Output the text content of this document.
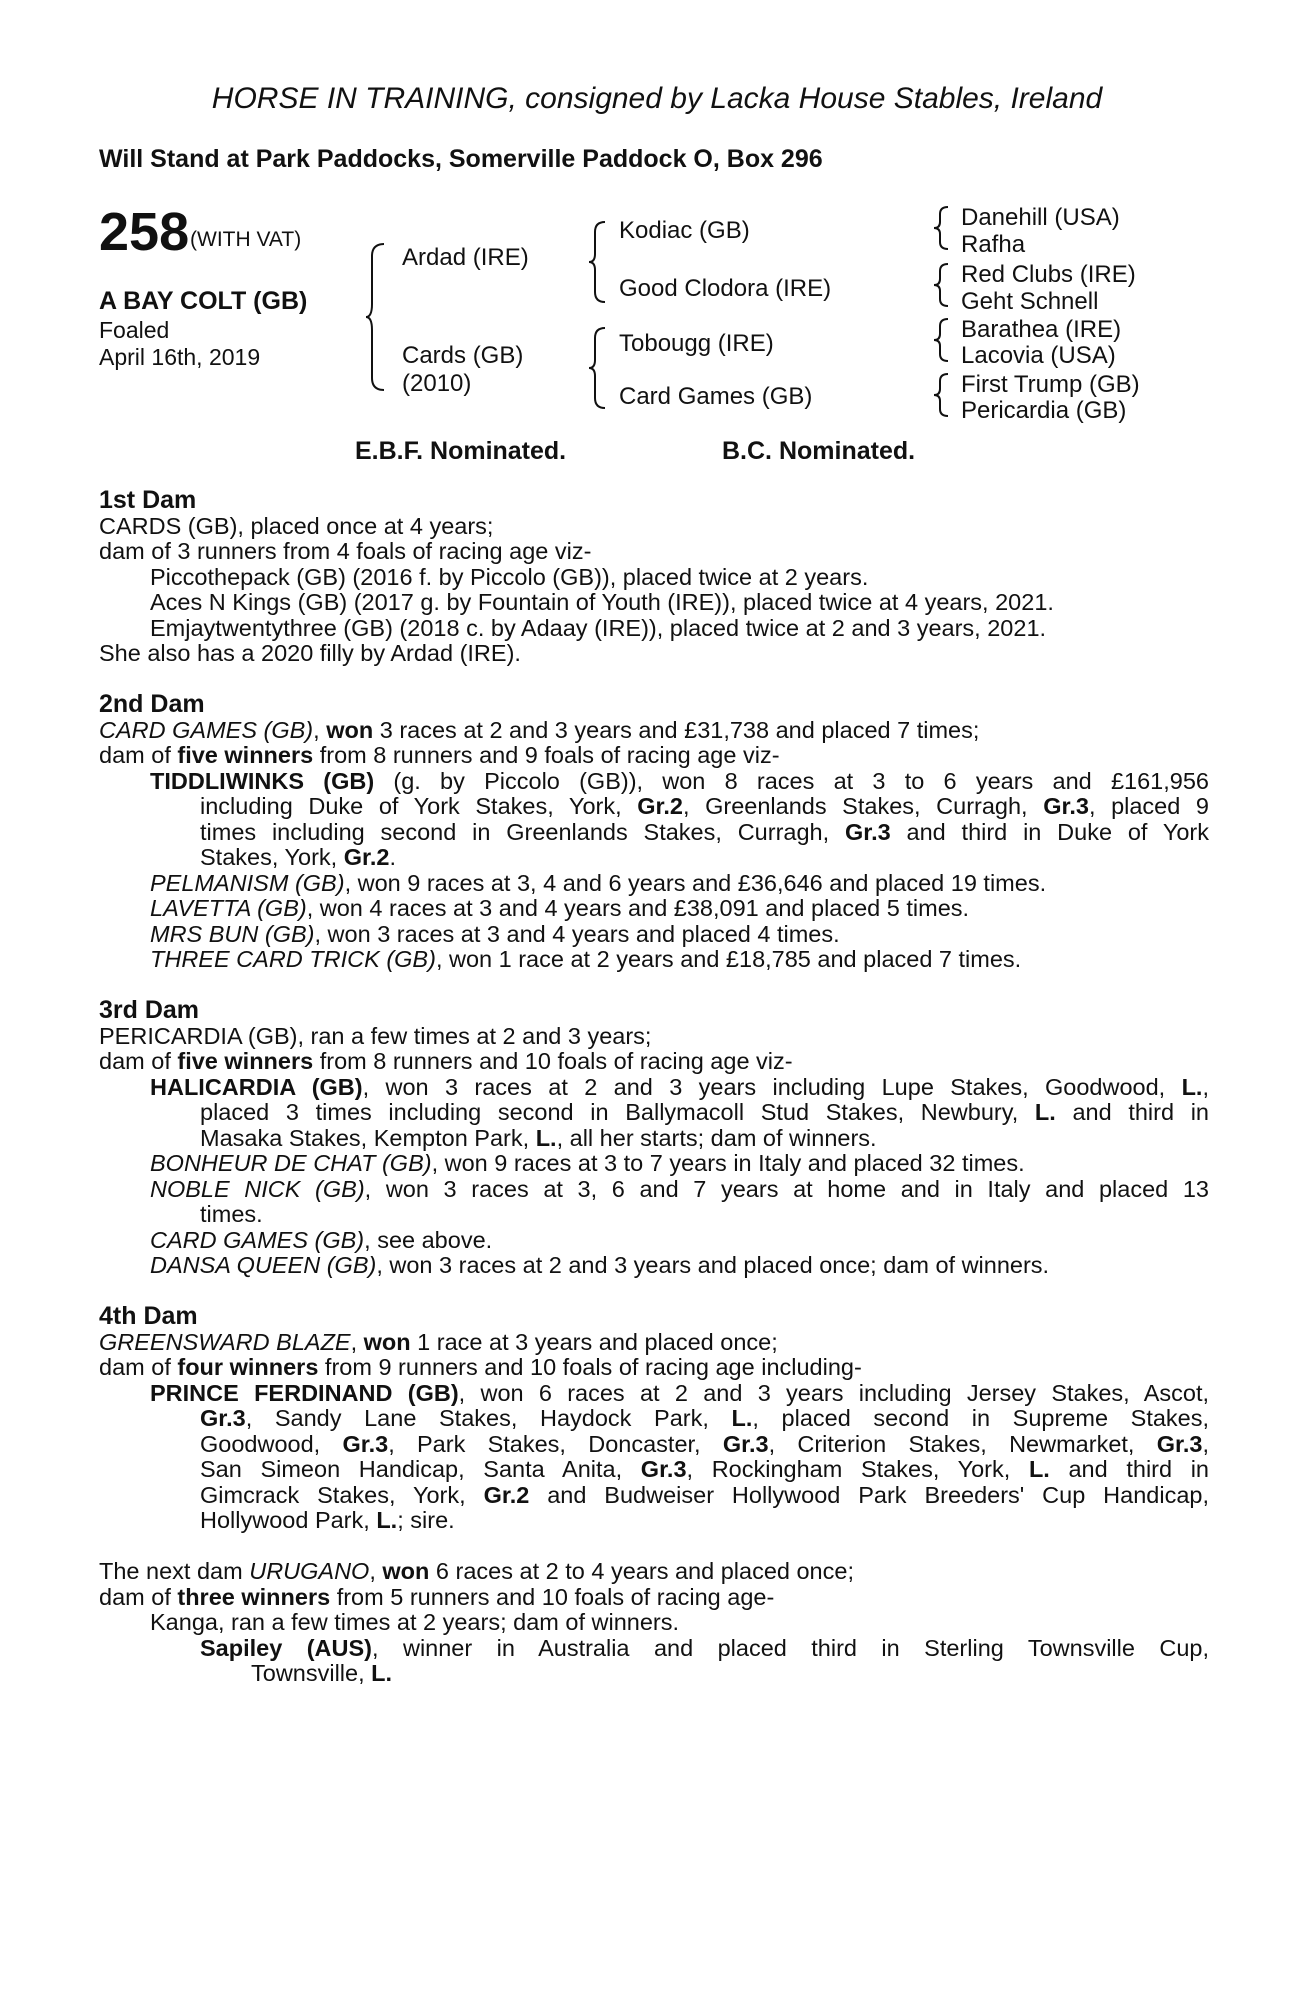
HORSE IN TRAINING, consigned by Lacka House Stables, Ireland
Will Stand at Park Paddocks, Somerville Paddock O, Box 296
258 (WITH VAT)
A BAY COLT (GB)
Foaled
April 16th, 2019
Ardad (IRE)
Cards (GB)
(2010)
Kodiac (GB)
Good Clodora (IRE)
Tobougg (IRE)
Card Games (GB)
Danehill (USA)
Rafha
Red Clubs (IRE)
Geht Schnell
Barathea (IRE)
Lacovia (USA)
First Trump (GB)
Pericardia (GB)
E.B.F. Nominated.	B.C. Nominated.
1st Dam
CARDS (GB), placed once at 4 years;
dam of 3 runners from 4 foals of racing age viz-
Piccothepack (GB) (2016 f. by Piccolo (GB)), placed twice at 2 years.
Aces N Kings (GB) (2017 g. by Fountain of Youth (IRE)), placed twice at 4 years, 2021.
Emjaytwentythree (GB) (2018 c. by Adaay (IRE)), placed twice at 2 and 3 years, 2021.
She also has a 2020 filly by Ardad (IRE).
2nd Dam
CARD GAMES (GB), won 3 races at 2 and 3 years and £31,738 and placed 7 times;
dam of five winners from 8 runners and 9 foals of racing age viz-
TIDDLIWINKS (GB) (g. by Piccolo (GB)), won 8 races at 3 to 6 years and £161,956
including Duke of York Stakes, York, Gr.2, Greenlands Stakes, Curragh, Gr.3, placed 9
times including second in Greenlands Stakes, Curragh, Gr.3 and third in Duke of York
Stakes, York, Gr.2.
PELMANISM (GB), won 9 races at 3, 4 and 6 years and £36,646 and placed 19 times.
LAVETTA (GB), won 4 races at 3 and 4 years and £38,091 and placed 5 times.
MRS BUN (GB), won 3 races at 3 and 4 years and placed 4 times.
THREE CARD TRICK (GB), won 1 race at 2 years and £18,785 and placed 7 times.
3rd Dam
PERICARDIA (GB), ran a few times at 2 and 3 years;
dam of five winners from 8 runners and 10 foals of racing age viz-
HALICARDIA (GB), won 3 races at 2 and 3 years including Lupe Stakes, Goodwood, L.,
placed 3 times including second in Ballymacoll Stud Stakes, Newbury, L. and third in
Masaka Stakes, Kempton Park, L., all her starts; dam of winners.
BONHEUR DE CHAT (GB), won 9 races at 3 to 7 years in Italy and placed 32 times.
NOBLE NICK (GB), won 3 races at 3, 6 and 7 years at home and in Italy and placed 13
times.
CARD GAMES (GB), see above.
DANSA QUEEN (GB), won 3 races at 2 and 3 years and placed once; dam of winners.
4th Dam
GREENSWARD BLAZE, won 1 race at 3 years and placed once;
dam of four winners from 9 runners and 10 foals of racing age including-
PRINCE FERDINAND (GB), won 6 races at 2 and 3 years including Jersey Stakes, Ascot,
Gr.3, Sandy Lane Stakes, Haydock Park, L., placed second in Supreme Stakes,
Goodwood, Gr.3, Park Stakes, Doncaster, Gr.3, Criterion Stakes, Newmarket, Gr.3,
San Simeon Handicap, Santa Anita, Gr.3, Rockingham Stakes, York, L. and third in
Gimcrack Stakes, York, Gr.2 and Budweiser Hollywood Park Breeders' Cup Handicap,
Hollywood Park, L.; sire.
The next dam URUGANO, won 6 races at 2 to 4 years and placed once;
dam of three winners from 5 runners and 10 foals of racing age-
Kanga, ran a few times at 2 years; dam of winners.
Sapiley (AUS), winner in Australia and placed third in Sterling Townsville Cup,
Townsville, L.
